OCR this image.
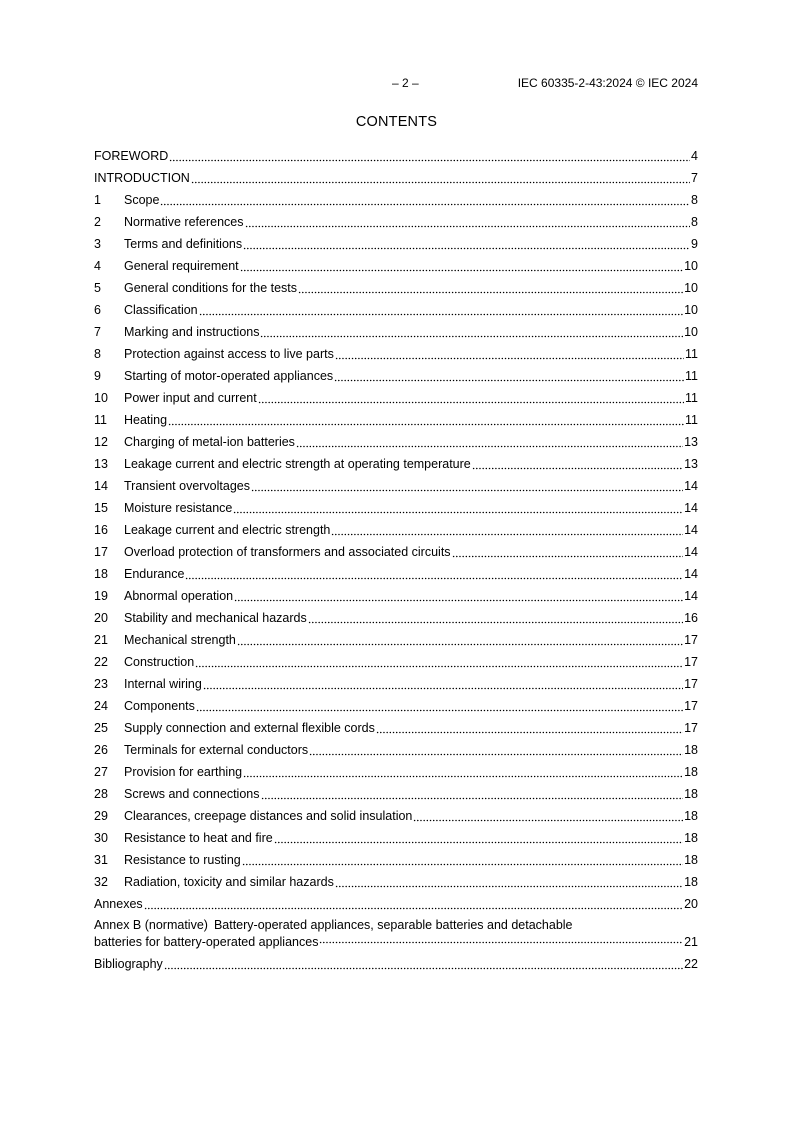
– 2 –	IEC 60335-2-43:2024 © IEC 2024
CONTENTS
FOREWORD	4
INTRODUCTION	7
1	Scope	8
2	Normative references	8
3	Terms and definitions	9
4	General requirement	10
5	General conditions for the tests	10
6	Classification	10
7	Marking and instructions	10
8	Protection against access to live parts	11
9	Starting of motor-operated appliances	11
10	Power input and current	11
11	Heating	11
12	Charging of metal-ion batteries	13
13	Leakage current and electric strength at operating temperature	13
14	Transient overvoltages	14
15	Moisture resistance	14
16	Leakage current and electric strength	14
17	Overload protection of transformers and associated circuits	14
18	Endurance	14
19	Abnormal operation	14
20	Stability and mechanical hazards	16
21	Mechanical strength	17
22	Construction	17
23	Internal wiring	17
24	Components	17
25	Supply connection and external flexible cords	17
26	Terminals for external conductors	18
27	Provision for earthing	18
28	Screws and connections	18
29	Clearances, creepage distances and solid insulation	18
30	Resistance to heat and fire	18
31	Resistance to rusting	18
32	Radiation, toxicity and similar hazards	18
Annexes	20
Annex B (normative) Battery-operated appliances, separable batteries and detachable
batteries for battery-operated appliances	21
Bibliography	22
